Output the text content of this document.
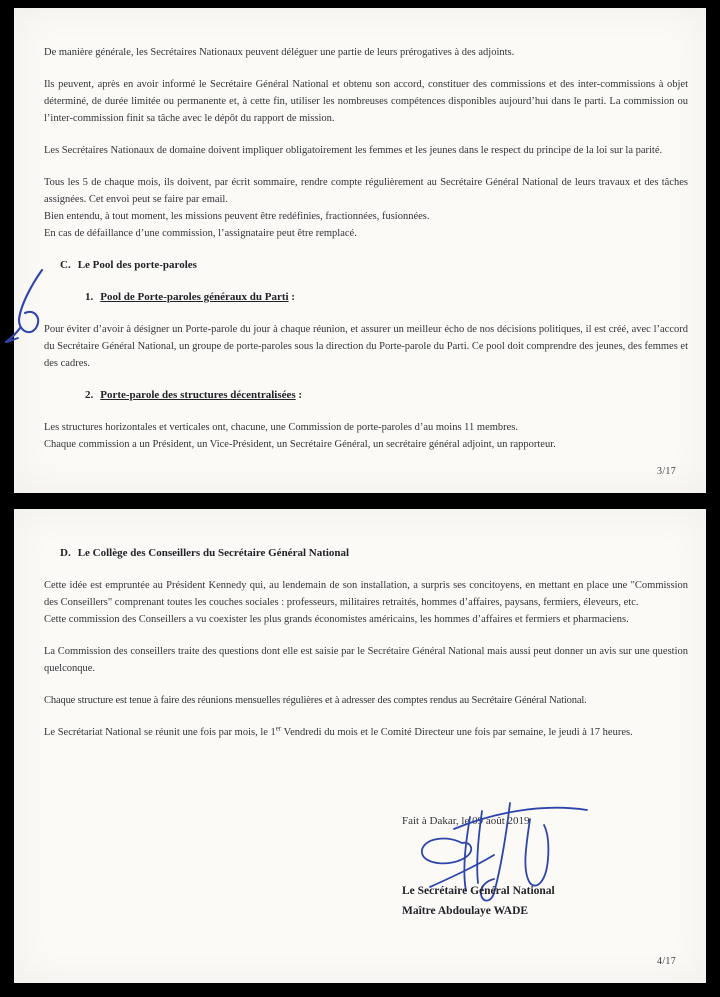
De manière générale, les Secrétaires Nationaux peuvent déléguer une partie de leurs prérogatives à des adjoints.

Ils peuvent, après en avoir informé le Secrétaire Général National et obtenu son accord, constituer des commissions et des inter-commissions à objet déterminé, de durée limitée ou permanente et, à cette fin, utiliser les nombreuses compétences disponibles aujourd’hui dans le parti. La commission ou l’inter-commission finit sa tâche avec le dépôt du rapport de mission.

Les Secrétaires Nationaux de domaine doivent impliquer obligatoirement les femmes et les jeunes dans le respect du principe de la loi sur la parité.

Tous les 5 de chaque mois, ils doivent, par écrit sommaire, rendre compte régulièrement au Secrétaire Général National de leurs travaux et des tâches assignées. Cet envoi peut se faire par email.
Bien entendu, à tout moment, les missions peuvent être redéfinies, fractionnées, fusionnées.
En cas de défaillance d’une commission, l’assignataire peut être remplacé.
C. Le Pool des porte-paroles
1. Pool de Porte-paroles généraux du Parti :

Pour éviter d’avoir à désigner un Porte-parole du jour à chaque réunion, et assurer un meilleur écho de nos décisions politiques, il est créé, avec l’accord du Secrétaire Général National, un groupe de porte-paroles sous la direction du Porte-parole du Parti. Ce pool doit comprendre des jeunes, des femmes et des cadres.

2. Porte-parole des structures décentralisées :
Les structures horizontales et verticales ont, chacune, une Commission de porte-paroles d’au moins 11 membres.
Chaque commission a un Président, un Vice-Président, un Secrétaire Général, un secrétaire général adjoint, un rapporteur.
3/17
D. Le Collège des Conseillers du Secrétaire Général National
Cette idée est empruntée au Président Kennedy qui, au lendemain de son installation, a surpris ses concitoyens, en mettant en place une "Commission des Conseillers" comprenant toutes les couches sociales : professeurs, militaires retraités, hommes d’affaires, paysans, fermiers, éleveurs, etc.
Cette commission des Conseillers a vu coexister les plus grands économistes américains, les hommes d’affaires et fermiers et pharmaciens.

La Commission des conseillers traite des questions dont elle est saisie par le Secrétaire Général National mais aussi peut donner un avis sur une question quelconque.

Chaque structure est tenue à faire des réunions mensuelles régulières et à adresser des comptes rendus au Secrétaire Général National.

Le Secrétariat National se réunit une fois par mois, le 1er Vendredi du mois et le Comité Directeur une fois par semaine, le jeudi à 17 heures.

Fait à Dakar, le 09 août 2019
Le Secrétaire Général National
Maître Abdoulaye WADE
4/17
